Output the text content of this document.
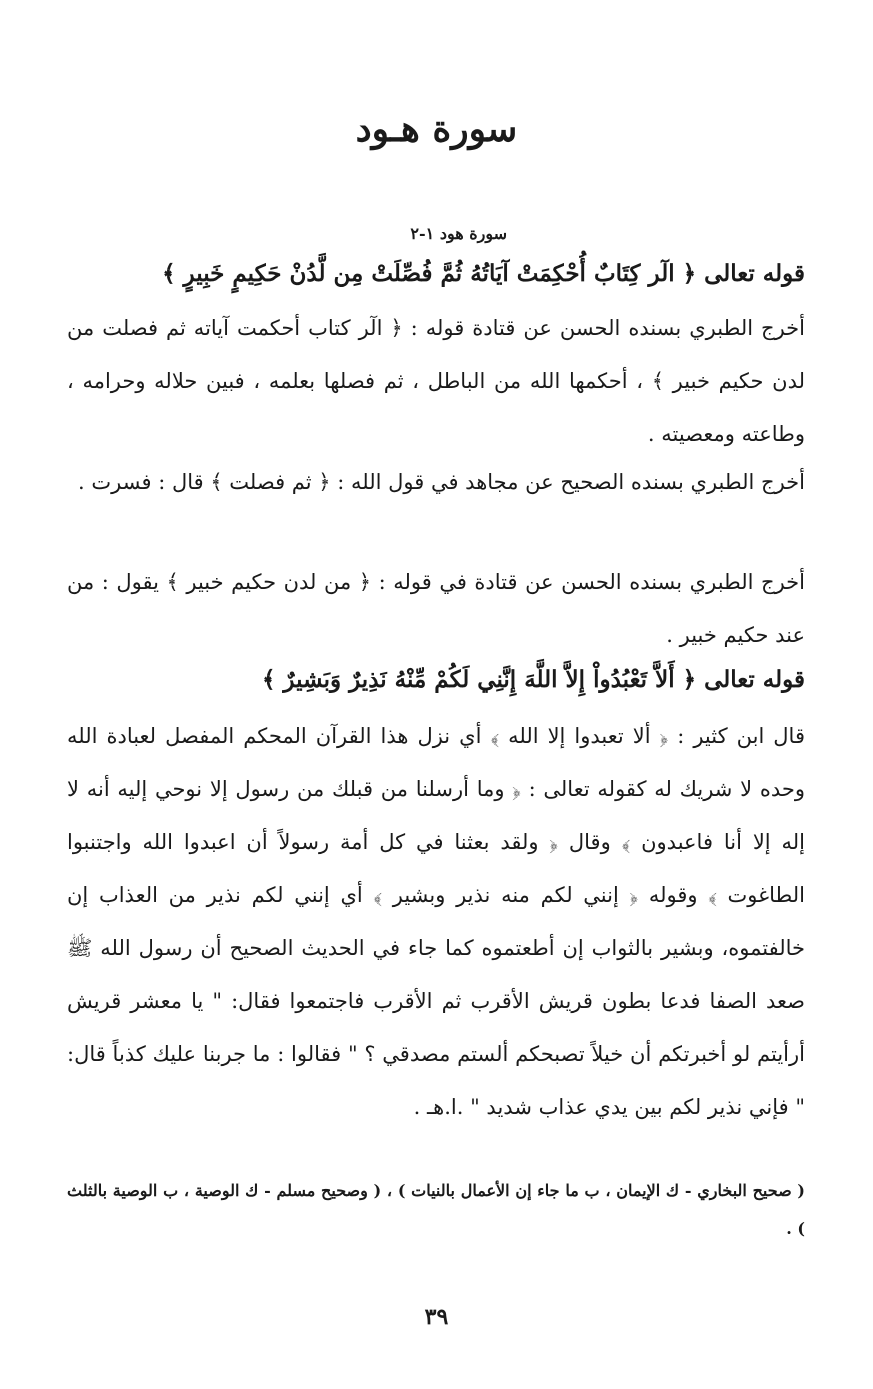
سورة هـود
سورة هود ١-٢

قوله تعالى ﴿ الٓر كِتَابٌ أُحْكِمَتْ آيَاتُهُ ثُمَّ فُصِّلَتْ مِن لَّدُنْ حَكِيمٍ خَبِيرٍ ﴾

أخرج الطبري بسنده الحسن عن قتادة قوله : ﴿ الٓر كتاب أحكمت آياته ثم فصلت من لدن حكيم خبير ﴾ ، أحكمها الله من الباطل ، ثم فصلها بعلمه ، فبين حلاله وحرامه ، وطاعته ومعصيته .

أخرج الطبري بسنده الصحيح عن مجاهد في قول الله : ﴿ ثم فصلت ﴾ قال : فسرت .

أخرج الطبري بسنده الحسن عن قتادة في قوله : ﴿ من لدن حكيم خبير ﴾ يقول : من عند حكيم خبير .

قوله تعالى ﴿ أَلاَّ تَعْبُدُواْ إِلاَّ اللَّهَ إِنَّنِي لَكُمْ مِّنْهُ نَذِيرٌ وَبَشِيرٌ ﴾

قال ابن كثير : ﴿ ألا تعبدوا إلا الله ﴾ أي نزل هذا القرآن المحكم المفصل لعبادة الله وحده لا شريك له كقوله تعالى : ﴿ وما أرسلنا من قبلك من رسول إلا نوحي إليه أنه لا إله إلا أنا فاعبدون ﴾ وقال ﴿ ولقد بعثنا في كل أمة رسولاً أن اعبدوا الله واجتنبوا الطاغوت ﴾ وقوله ﴿ إنني لكم منه نذير وبشير ﴾ أي إنني لكم نذير من العذاب إن خالفتموه، وبشير بالثواب إن أطعتموه كما جاء في الحديث الصحيح أن رسول الله ﷺ صعد الصفا فدعا بطون قريش الأقرب ثم الأقرب فاجتمعوا فقال: " يا معشر قريش أرأيتم لو أخبرتكم أن خيلاً تصبحكم ألستم مصدقي ؟ " فقالوا : ما جربنا عليك كذباً قال: " فإني نذير لكم بين يدي عذاب شديد " .ا.هـ .

( صحيح البخاري - ك الإيمان ، ب ما جاء إن الأعمال بالنيات ) ، ( وصحيح مسلم - ك الوصية ، ب الوصية بالثلث ) .

٣٩
